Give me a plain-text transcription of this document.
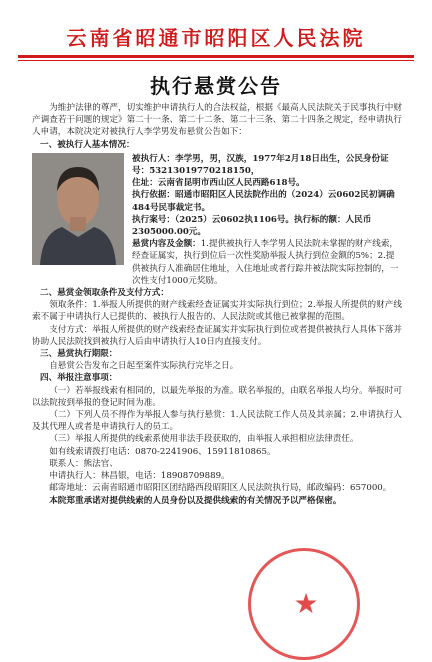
云南省昭通市昭阳区人民法院
执行悬赏公告

为维护法律的尊严，切实维护申请执行人的合法权益，根据《最高人民法院关于民事执行中财产调查若干问题的规定》第二十一条、第二十二条、第二十三条、第二十四条之规定，经申请执行人申请，本院决定对被执行人李学男发布悬赏公告如下：

一、被执行人基本情况：

被执行人：李学男，男，汉族，1977年2月18日出生，公民身份证号：53213019770218150，

住址：云南省昆明市西山区人民西路618号。

执行依据：昭通市昭阳区人民法院作出的（2024）云0602民初调确484号民事裁定书。

执行案号：（2025）云0602执1106号。执行标的额：人民币2305000.00元。

悬赏内容及金额：1.提供被执行人李学男人民法院未掌握的财产线索，经查证属实，执行到位后一次性奖励举报人执行到位金额的5%；2.提供被执行人准确居住地址，入住地址或者行踪并被法院实际控制的，一次性支付1000元奖励。

二、悬赏金领取条件及支付方式：

领取条件：1.举报人所提供的财产线索经查证属实并实际执行到位；2.举报人所提供的财产线索不属于申请执行人已提供的、被执行人报告的、人民法院或其他已被掌握的范围。

支付方式：举报人所提供的财产线索经查证属实并实际执行到位或者提供被执行人具体下落并协助人民法院找到被执行人后由申请执行人10日内直接支付。

三、悬赏执行期限：

自悬赏公告发布之日起至案件实际执行完毕之日。

四、举报注意事项：

（一）若举报线索有相同的，以最先举报的为准。联名举报的，由联名举报人均分。举报时可以法院按到举报的登记时间为准。

（二）下列人员不得作为举报人参与执行悬赏：1.人民法院工作人员及其亲属；2.申请执行人及其代理人或者是申请执行人的员工。

（三）举报人所提供的线索系使用非法手段获取的，由举报人承担相应法律责任。

如有线索请拨打电话：0870-2241906、15911810865。

联系人：熊法官、

申请执行人：林昌银，电话：18908709889。

邮寄地址：云南省昭通市昭阳区团结路西段昭阳区人民法院执行局，邮政编码：657000。

本院郑重承诺对提供线索的人员身份以及提供线索的有关情况予以严格保密。

★
